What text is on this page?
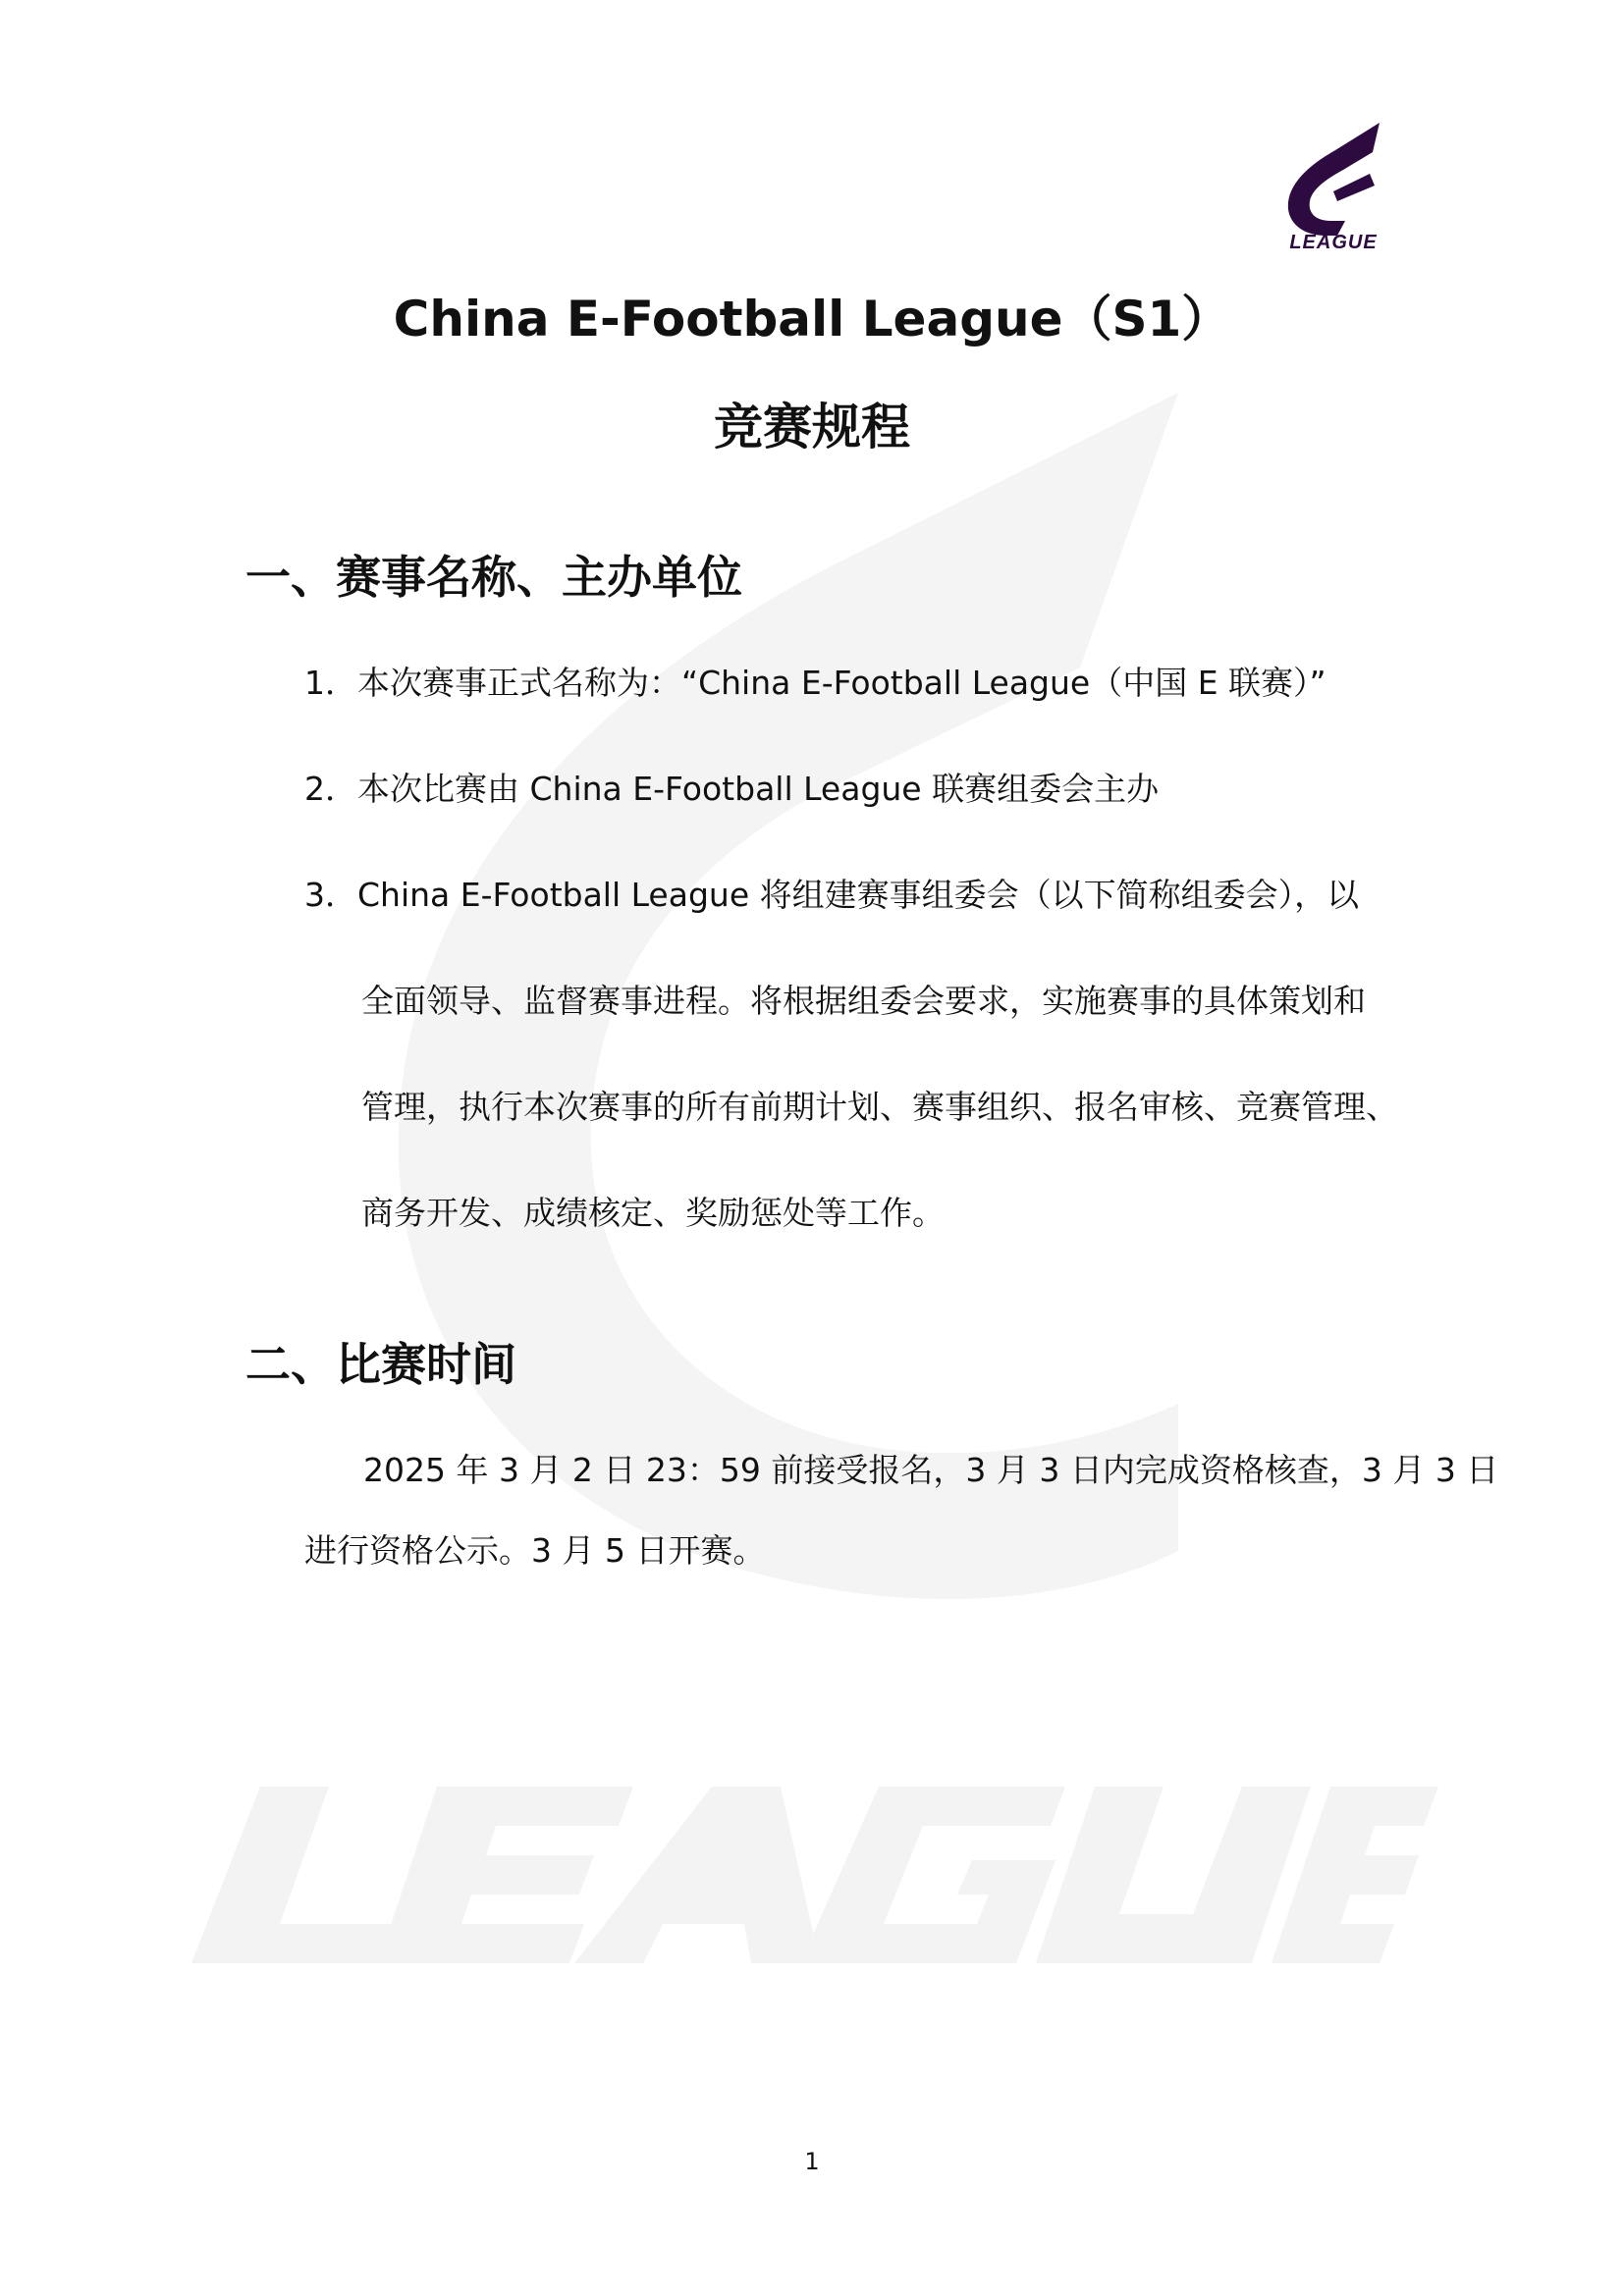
LEAGUE
China E-Football League（S1）
竞赛规程
一、赛事名称、主办单位
1．本次赛事正式名称为：“China E-Football League（中国 E 联赛）”
2．本次比赛由 China E-Football League 联赛组委会主办
3．China E-Football League 将组建赛事组委会（以下简称组委会），以
全面领导、监督赛事进程。将根据组委会要求，实施赛事的具体策划和
管理，执行本次赛事的所有前期计划、赛事组织、报名审核、竞赛管理、
商务开发、成绩核定、奖励惩处等工作。
二、比赛时间
2025 年 3 月 2 日 23：59 前接受报名，3 月 3 日内完成资格核查，3 月 3 日
进行资格公示。3 月 5 日开赛。
1
